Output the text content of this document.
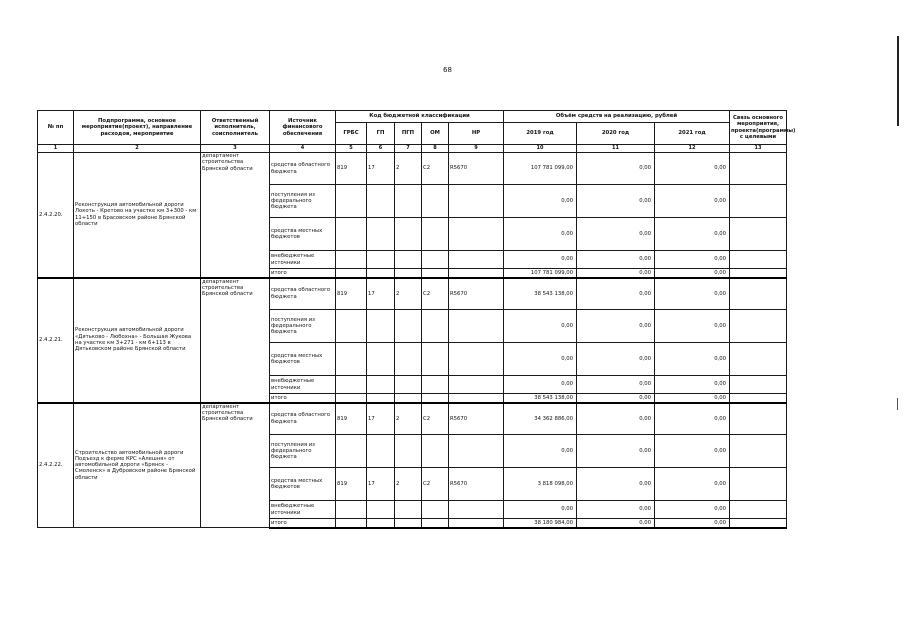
68
№ пп	Подпрограмма, основное мероприятие(проект), направление расходов, мероприятие	Ответственный исполнитель, соисполнитель	Источник финансового обеспечения	Код бюджетной классификации					Объём средств на реализацию, рублей			Связь основного мероприятия, проекта(программы) с целевыми
				ГРБС	ГП	ПГП	ОМ	НР	2019 год	2020 год	2021 год	
1	2	3	4	5	6	7	8	9	10	11	12	13
2.4.2.20.	Реконструкция автомобильной дороги Локоть - Кретово на участке км 3+300 - км 11+150 в Брасовском районе Брянской области	департамент строительства Брянской области	средства областного бюджета	819	17	2	C2	R5670	107 781 099,00	0,00	0,00	
			поступления из федерального бюджета						0,00	0,00	0,00	
			средства местных бюджетов						0,00	0,00	0,00	
			внебюджетные источники						0,00	0,00	0,00	
			итого						107 781 099,00	0,00	0,00	
2.4.2.21.	Реконструкция автомобильной дороги «Дятьково - Любохна» - Большая Жукова на участке км 3+271 - км 6+113 в Дятьковском районе Брянской области	департамент строительства Брянской области	средства областного бюджета	819	17	2	C2	R5670	38 543 138,00	0,00	0,00	
			поступления из федерального бюджета						0,00	0,00	0,00	
			средства местных бюджетов						0,00	0,00	0,00	
			внебюджетные источники						0,00	0,00	0,00	
			итого						38 543 138,00	0,00	0,00	
2.4.2.22.	Строительство автомобильной дороги Подъезд к ферме КРС «Алешня» от автомобильной дороги «Брянск - Смоленск» в Дубровском районе Брянской области	департамент строительства Брянской области	средства областного бюджета	819	17	2	C2	R5670	34 362 886,00	0,00	0,00	
			поступления из федерального бюджета						0,00	0,00	0,00	
			средства местных бюджетов	819	17	2	C2	R5670	3 818 098,00	0,00	0,00	
			внебюджетные источники						0,00	0,00	0,00	
			итого						38 180 984,00	0,00	0,00	
